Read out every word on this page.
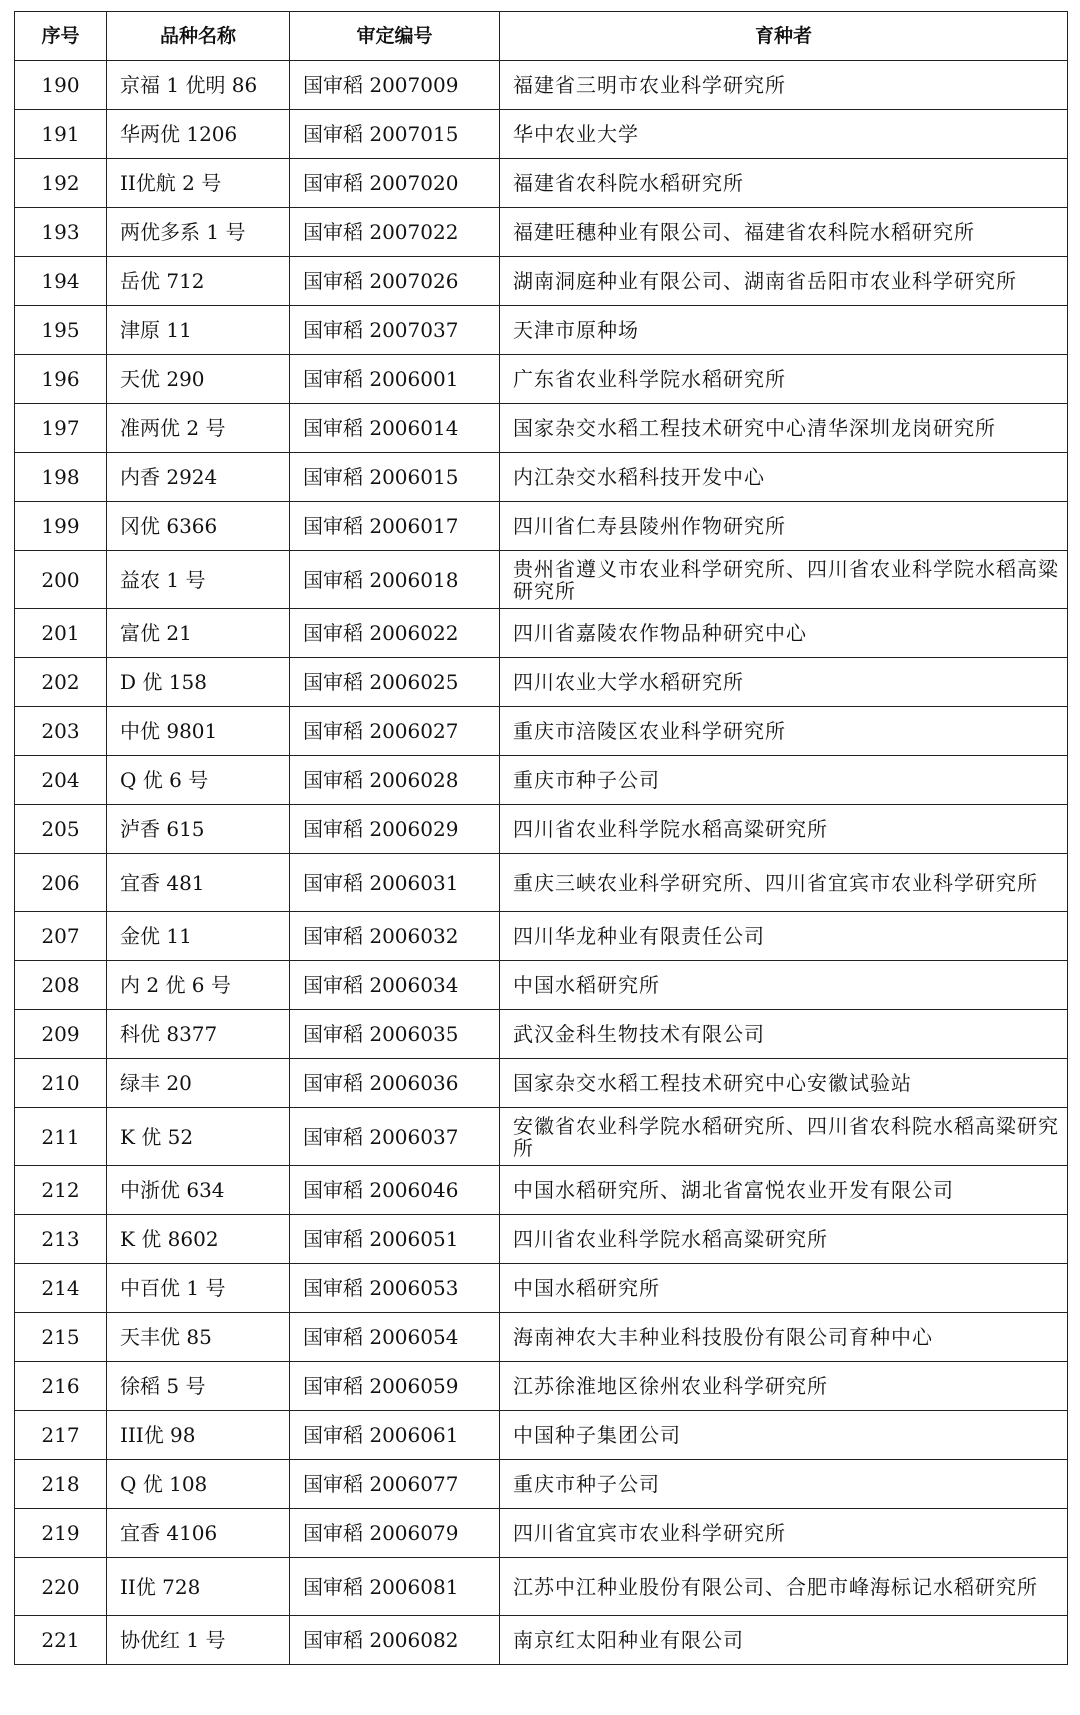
序号	品种名称	审定编号	育种者
190	京福 1 优明 86	国审稻 2007009	福建省三明市农业科学研究所
191	华两优 1206	国审稻 2007015	华中农业大学
192	II优航 2 号	国审稻 2007020	福建省农科院水稻研究所
193	两优多系 1 号	国审稻 2007022	福建旺穗种业有限公司、福建省农科院水稻研究所
194	岳优 712	国审稻 2007026	湖南洞庭种业有限公司、湖南省岳阳市农业科学研究所
195	津原 11	国审稻 2007037	天津市原种场
196	天优 290	国审稻 2006001	广东省农业科学院水稻研究所
197	准两优 2 号	国审稻 2006014	国家杂交水稻工程技术研究中心清华深圳龙岗研究所
198	内香 2924	国审稻 2006015	内江杂交水稻科技开发中心
199	冈优 6366	国审稻 2006017	四川省仁寿县陵州作物研究所
200	益农 1 号	国审稻 2006018	贵州省遵义市农业科学研究所、四川省农业科学院水稻高粱研究所
201	富优 21	国审稻 2006022	四川省嘉陵农作物品种研究中心
202	D 优 158	国审稻 2006025	四川农业大学水稻研究所
203	中优 9801	国审稻 2006027	重庆市涪陵区农业科学研究所
204	Q 优 6 号	国审稻 2006028	重庆市种子公司
205	泸香 615	国审稻 2006029	四川省农业科学院水稻高粱研究所
206	宜香 481	国审稻 2006031	重庆三峡农业科学研究所、四川省宜宾市农业科学研究所
207	金优 11	国审稻 2006032	四川华龙种业有限责任公司
208	内 2 优 6 号	国审稻 2006034	中国水稻研究所
209	科优 8377	国审稻 2006035	武汉金科生物技术有限公司
210	绿丰 20	国审稻 2006036	国家杂交水稻工程技术研究中心安徽试验站
211	K 优 52	国审稻 2006037	安徽省农业科学院水稻研究所、四川省农科院水稻高粱研究所
212	中浙优 634	国审稻 2006046	中国水稻研究所、湖北省富悦农业开发有限公司
213	K 优 8602	国审稻 2006051	四川省农业科学院水稻高粱研究所
214	中百优 1 号	国审稻 2006053	中国水稻研究所
215	天丰优 85	国审稻 2006054	海南神农大丰种业科技股份有限公司育种中心
216	徐稻 5 号	国审稻 2006059	江苏徐淮地区徐州农业科学研究所
217	III优 98	国审稻 2006061	中国种子集团公司
218	Q 优 108	国审稻 2006077	重庆市种子公司
219	宜香 4106	国审稻 2006079	四川省宜宾市农业科学研究所
220	II优 728	国审稻 2006081	江苏中江种业股份有限公司、合肥市峰海标记水稻研究所
221	协优红 1 号	国审稻 2006082	南京红太阳种业有限公司
